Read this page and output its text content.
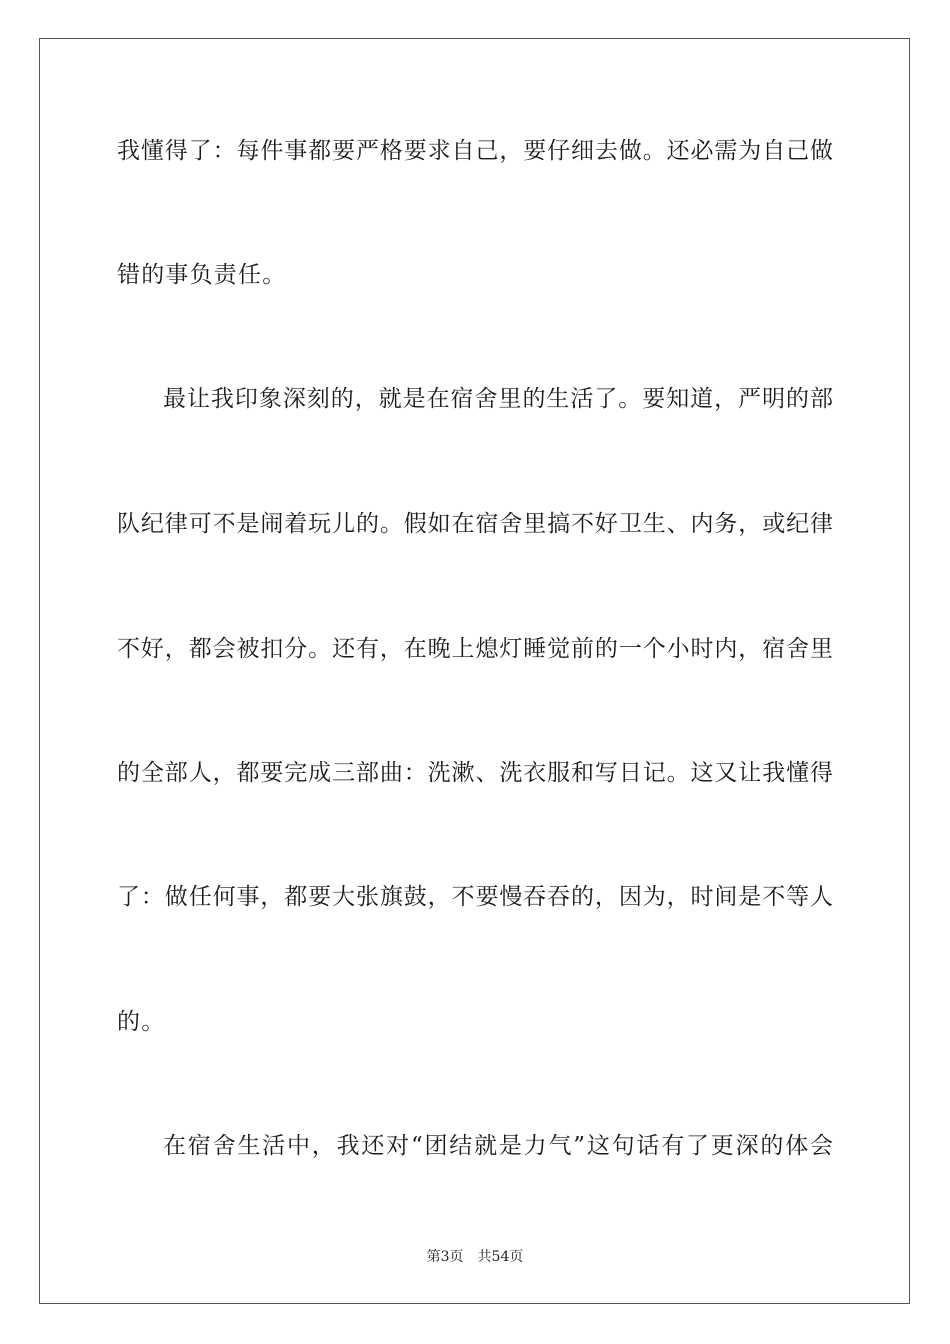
我懂得了：每件事都要严格要求自己，要仔细去做。还必需为自己做
错的事负责任。
最让我印象深刻的，就是在宿舍里的生活了。要知道，严明的部
队纪律可不是闹着玩儿的。假如在宿舍里搞不好卫生、内务，或纪律
不好，都会被扣分。还有，在晚上熄灯睡觉前的一个小时内，宿舍里
的全部人，都要完成三部曲：洗漱、洗衣服和写日记。这又让我懂得
了：做任何事，都要大张旗鼓，不要慢吞吞的，因为，时间是不等人
的。
在宿舍生活中，我还对“团结就是力气”这句话有了更深的体会
第3页 共54页
